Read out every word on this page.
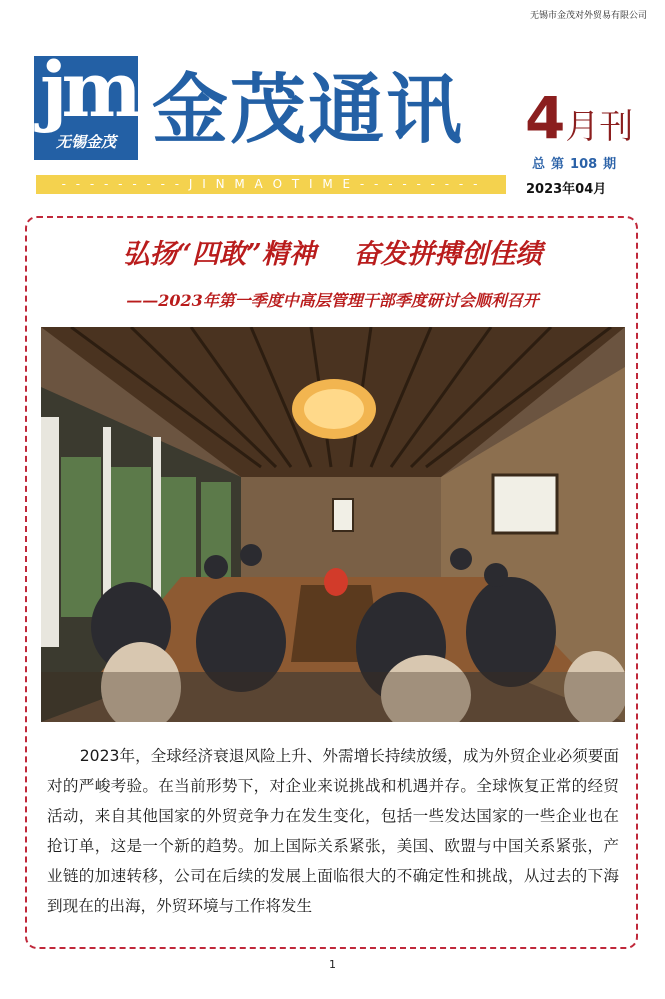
无锡市金茂对外贸易有限公司
jm
无锡金茂 金茂通讯 4月刊
总 第 108 期
- - - - - - - - - J I N M A O T I M E - - - - - - - - -	2023年04月
弘扬“四敢”精神    奋发拼搏创佳绩
——2023年第一季度中高层管理干部季度研讨会顺利召开
2023年，全球经济衰退风险上升、外需增长持续放缓，成为外贸企业必须要面对的严峻考验。在当前形势下，对企业来说挑战和机遇并存。全球恢复正常的经贸活动，来自其他国家的外贸竞争力在发生变化，包括一些发达国家的一些企业也在抢订单，这是一个新的趋势。加上国际关系紧张，美国、欧盟与中国关系紧张，产业链的加速转移，公司在后续的发展上面临很大的不确定性和挑战，从过去的下海到现在的出海，外贸环境与工作将发生
1
